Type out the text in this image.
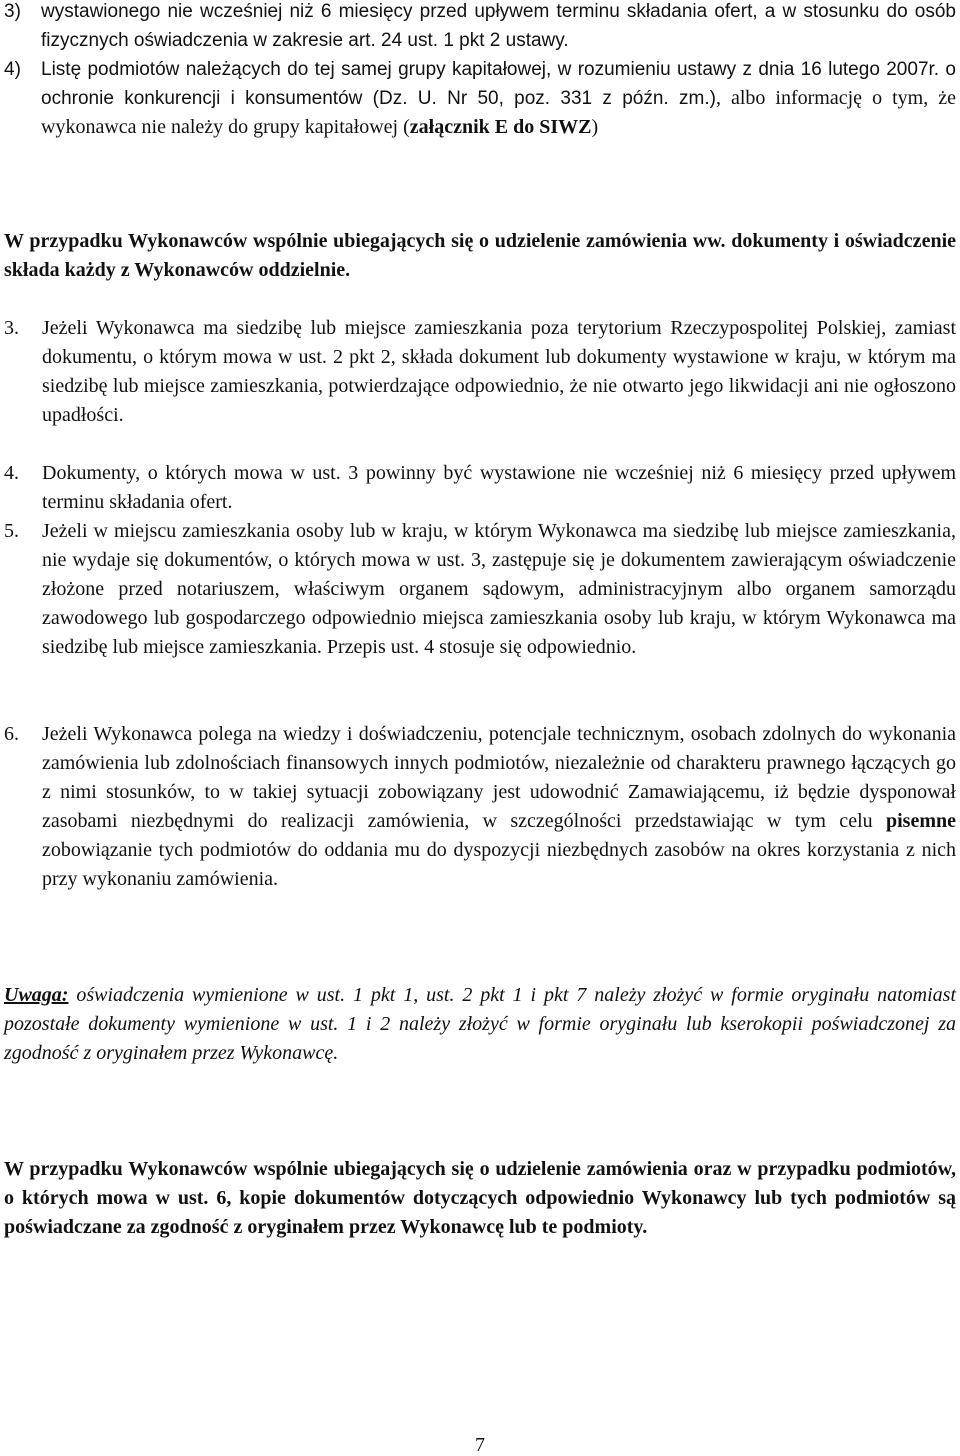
3)	wystawionego nie wcześniej niż 6 miesięcy przed upływem terminu składania ofert, a w stosunku do osób fizycznych oświadczenia w zakresie art. 24 ust. 1 pkt 2 ustawy.
4)	Listę podmiotów należących do tej samej grupy kapitałowej, w rozumieniu ustawy z dnia 16 lutego 2007r. o ochronie konkurencji i konsumentów (Dz. U. Nr 50, poz. 331 z późn. zm.), albo informację o tym, że wykonawca nie należy do grupy kapitałowej (załącznik E do SIWZ)
W przypadku Wykonawców wspólnie ubiegających się o udzielenie zamówienia ww. dokumenty i oświadczenie składa każdy z Wykonawców oddzielnie.
3.	Jeżeli Wykonawca ma siedzibę lub miejsce zamieszkania poza terytorium Rzeczypospolitej Polskiej, zamiast dokumentu, o którym mowa w ust. 2 pkt 2, składa dokument lub dokumenty wystawione w kraju, w którym ma siedzibę lub miejsce zamieszkania, potwierdzające odpowiednio, że nie otwarto jego likwidacji ani nie ogłoszono upadłości.
4.	Dokumenty, o których mowa w ust. 3 powinny być wystawione nie wcześniej niż 6 miesięcy przed upływem terminu składania ofert.
5.	Jeżeli w miejscu zamieszkania osoby lub w kraju, w którym Wykonawca ma siedzibę lub miejsce zamieszkania, nie wydaje się dokumentów, o których mowa w ust. 3, zastępuje się je dokumentem zawierającym oświadczenie złożone przed notariuszem, właściwym organem sądowym, administracyjnym albo organem samorządu zawodowego lub gospodarczego odpowiednio miejsca zamieszkania osoby lub kraju, w którym Wykonawca ma siedzibę lub miejsce zamieszkania. Przepis ust. 4 stosuje się odpowiednio.
6.	Jeżeli Wykonawca polega na wiedzy i doświadczeniu, potencjale technicznym, osobach zdolnych do wykonania zamówienia lub zdolnościach finansowych innych podmiotów, niezależnie od charakteru prawnego łączących go z nimi stosunków, to w takiej sytuacji zobowiązany jest udowodnić Zamawiającemu, iż będzie dysponował zasobami niezbędnymi do realizacji zamówienia, w szczególności przedstawiając w tym celu pisemne zobowiązanie tych podmiotów do oddania mu do dyspozycji niezbędnych zasobów na okres korzystania z nich przy wykonaniu zamówienia.
Uwaga: oświadczenia wymienione w ust. 1 pkt 1, ust. 2 pkt 1 i pkt 7 należy złożyć w formie oryginału natomiast pozostałe dokumenty wymienione w ust. 1 i 2 należy złożyć w formie oryginału lub kserokopii poświadczonej za zgodność z oryginałem przez Wykonawcę.
W przypadku Wykonawców wspólnie ubiegających się o udzielenie zamówienia oraz w przypadku podmiotów, o których mowa w ust. 6, kopie dokumentów dotyczących odpowiednio Wykonawcy lub tych podmiotów są poświadczane za zgodność z oryginałem przez Wykonawcę lub te podmioty.
7
